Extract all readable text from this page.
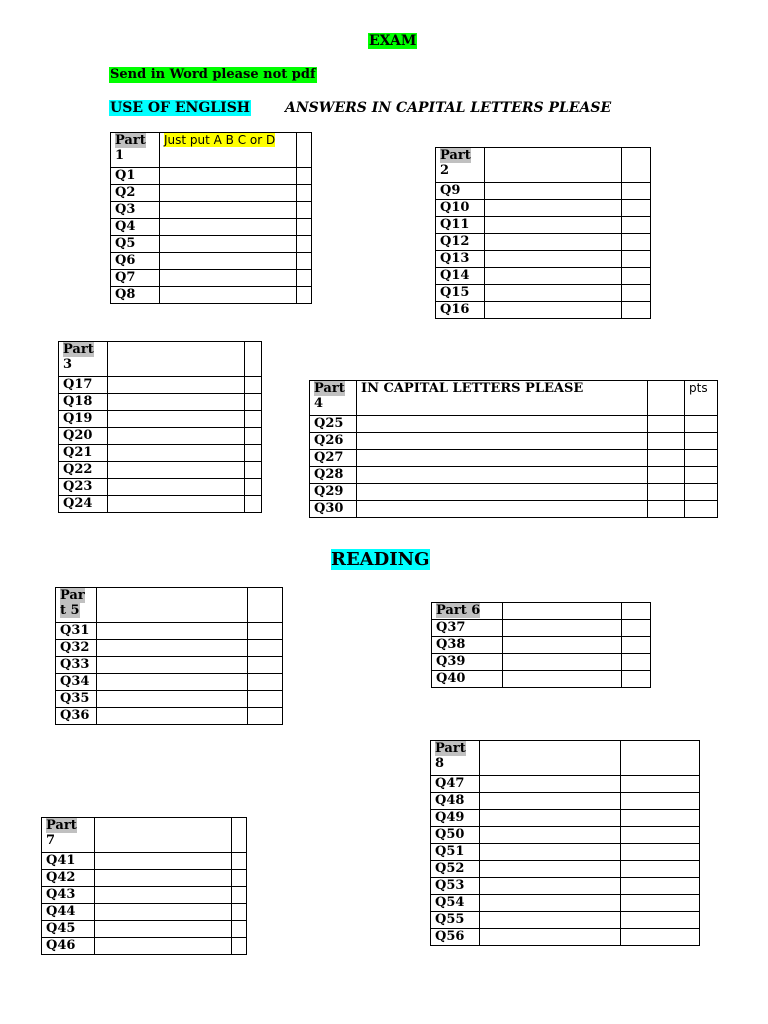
EXAM
Send in Word please not pdf
USE OF ENGLISH ANSWERS IN CAPITAL LETTERS PLEASE
READING
Part
1	Just put A B C or D	
Q1		
Q2		
Q3		
Q4		
Q5		
Q6		
Q7		
Q8		
Part
2		
Q9		
Q10		
Q11		
Q12		
Q13		
Q14		
Q15		
Q16		
Part
3		
Q17		
Q18		
Q19		
Q20		
Q21		
Q22		
Q23		
Q24		
Part
4	IN CAPITAL LETTERS PLEASE		pts
Q25			
Q26			
Q27			
Q28			
Q29			
Q30			
Par
t 5		
Q31		
Q32		
Q33		
Q34		
Q35		
Q36		
Part 6		
Q37		
Q38		
Q39		
Q40		
Part
7		
Q41		
Q42		
Q43		
Q44		
Q45		
Q46		
Part
8		
Q47		
Q48		
Q49		
Q50		
Q51		
Q52		
Q53		
Q54		
Q55		
Q56		
